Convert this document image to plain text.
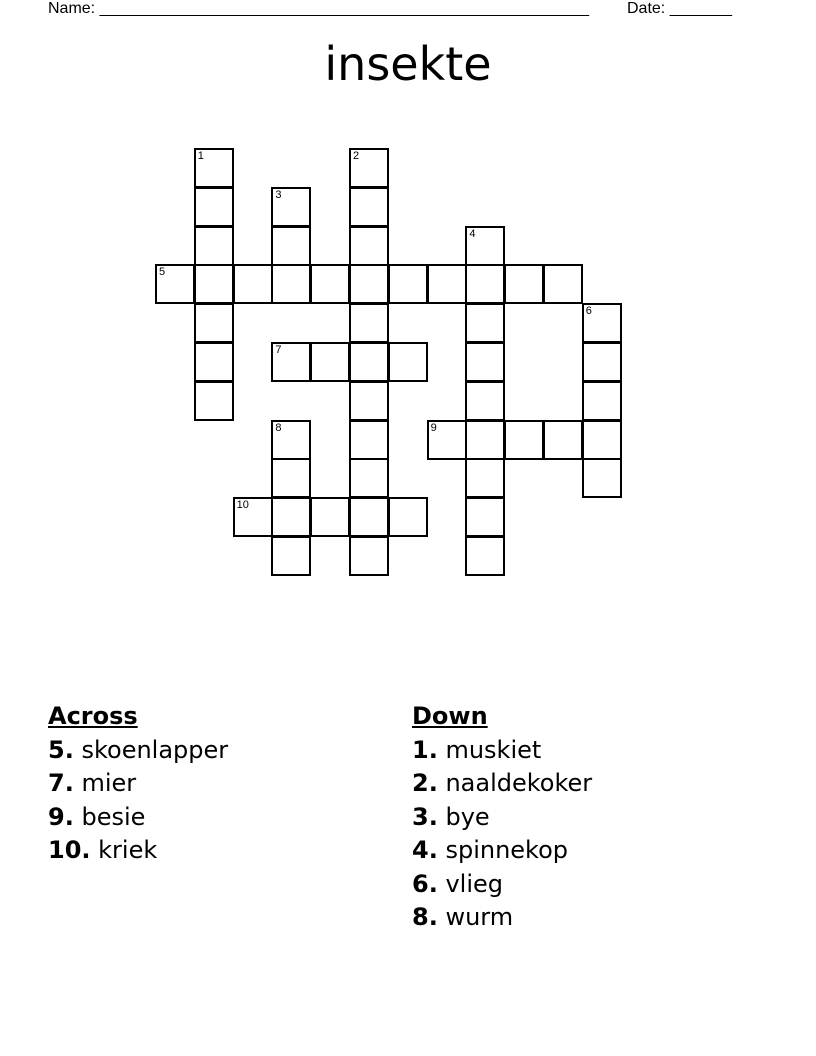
Name: _______________________________________________________ Date: _______
insekte
1	2
3
4
5
6
7
8	9
10
Across
5. skoenlapper
7. mier
9. besie
10. kriek
Down
1. muskiet
2. naaldekoker
3. bye
4. spinnekop
6. vlieg
8. wurm
